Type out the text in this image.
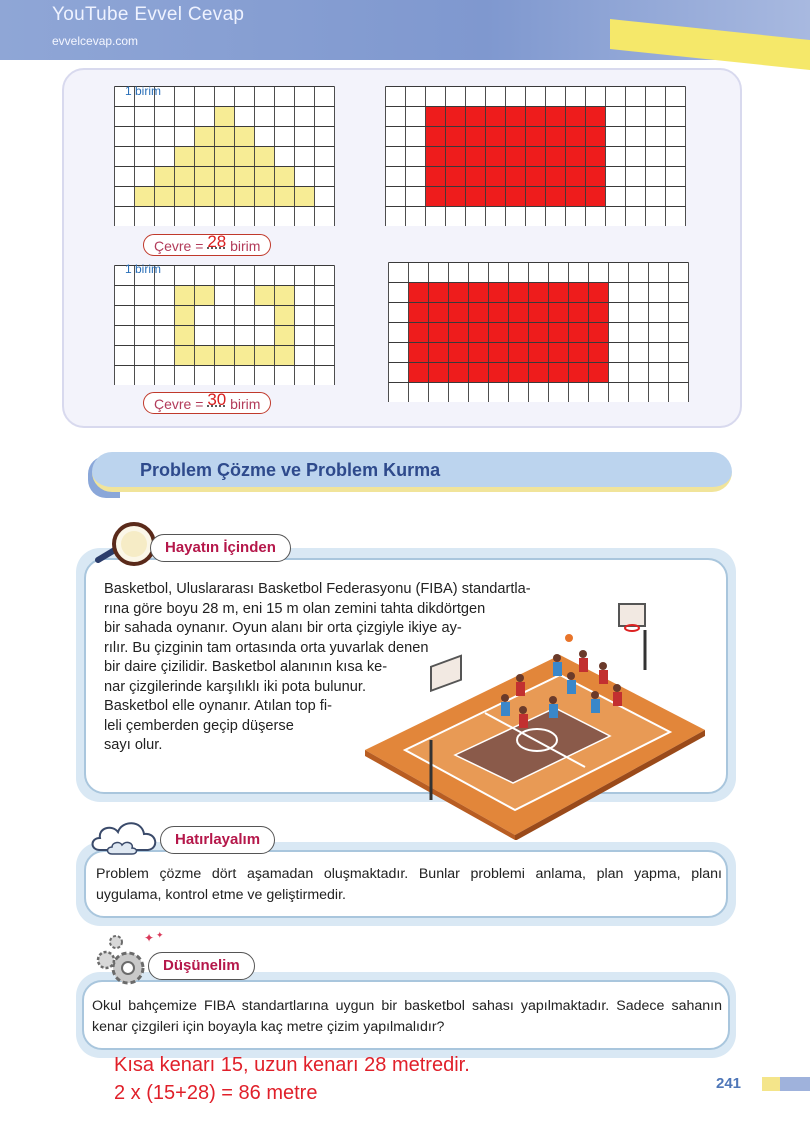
YouTube Evvel Cevap
evvelcevap.com
1 birim
1 birim
Çevre = 28 birim
Çevre = 30 birim
Problem Çözme ve Problem Kurma
Hayatın İçinden
Basketbol, Uluslararası Basketbol Federasyonu (FIBA) standartla-
rına göre boyu 28 m, eni 15 m olan zemini tahta dikdörtgen
bir sahada oynanır. Oyun alanı bir orta çizgiyle ikiye ay-
rılır. Bu çizginin tam ortasında orta yuvarlak denen
bir daire çizilidir. Basketbol alanının kısa ke-
nar çizgilerinde karşılıklı iki pota bulunur.
Basketbol elle oynanır. Atılan top fi-
leli çemberden geçip düşerse
sayı olur.
Hatırlayalım
Problem çözme dört aşamadan oluşmaktadır. Bunlar problemi anlama, plan yapma, planı uygulama, kontrol etme ve geliştirmedir.
✦ ✦
Düşünelim
Okul bahçemize FIBA standartlarına uygun bir basketbol sahası yapılmaktadır. Sadece sahanın kenar çizgileri için boyayla kaç metre çizim yapılmalıdır?
Kısa kenarı 15, uzun kenarı 28 metredir.
2 x (15+28) = 86 metre	241
